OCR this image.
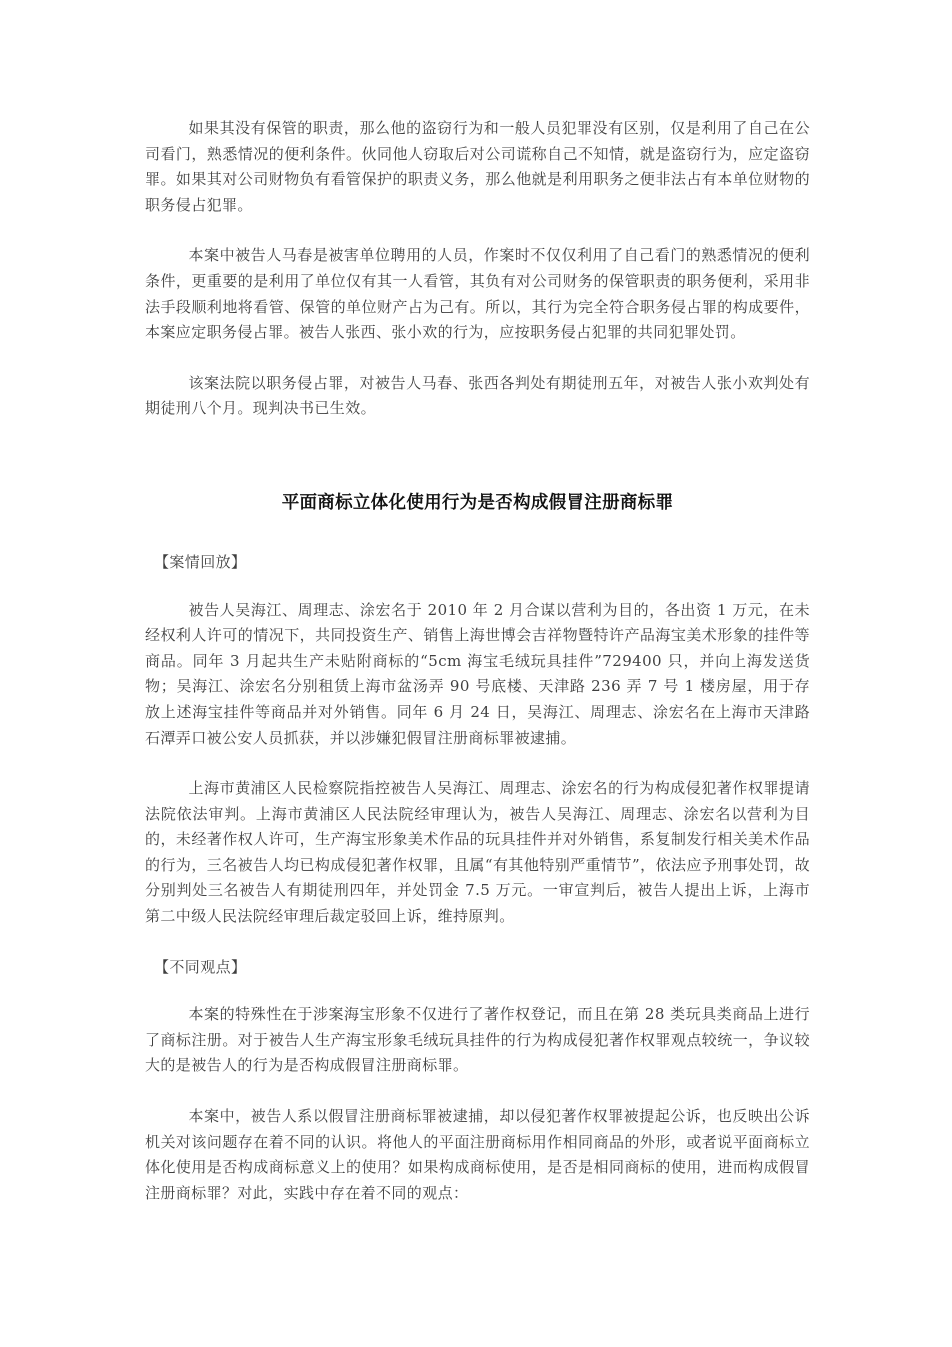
如果其没有保管的职责，那么他的盗窃行为和一般人员犯罪没有区别，仅是利用了自己在公司看门，熟悉情况的便利条件。伙同他人窃取后对公司谎称自己不知情，就是盗窃行为，应定盗窃罪。如果其对公司财物负有看管保护的职责义务，那么他就是利用职务之便非法占有本单位财物的职务侵占犯罪。

本案中被告人马春是被害单位聘用的人员，作案时不仅仅利用了自己看门的熟悉情况的便利条件，更重要的是利用了单位仅有其一人看管，其负有对公司财务的保管职责的职务便利，采用非法手段顺利地将看管、保管的单位财产占为己有。所以，其行为完全符合职务侵占罪的构成要件，本案应定职务侵占罪。被告人张西、张小欢的行为，应按职务侵占犯罪的共同犯罪处罚。

该案法院以职务侵占罪，对被告人马春、张西各判处有期徒刑五年，对被告人张小欢判处有期徒刑八个月。现判决书已生效。

平面商标立体化使用行为是否构成假冒注册商标罪

【案情回放】

被告人吴海江、周理志、涂宏名于 2010 年 2 月合谋以营利为目的，各出资 1 万元，在未经权利人许可的情况下，共同投资生产、销售上海世博会吉祥物暨特许产品海宝美术形象的挂件等商品。同年 3 月起共生产未贴附商标的“5cm 海宝毛绒玩具挂件”729400 只，并向上海发送货物；吴海江、涂宏名分别租赁上海市盆汤弄 90 号底楼、天津路 236 弄 7 号 1 楼房屋，用于存放上述海宝挂件等商品并对外销售。同年 6 月 24 日，吴海江、周理志、涂宏名在上海市天津路石潭弄口被公安人员抓获，并以涉嫌犯假冒注册商标罪被逮捕。

上海市黄浦区人民检察院指控被告人吴海江、周理志、涂宏名的行为构成侵犯著作权罪提请法院依法审判。上海市黄浦区人民法院经审理认为，被告人吴海江、周理志、涂宏名以营利为目的，未经著作权人许可，生产海宝形象美术作品的玩具挂件并对外销售，系复制发行相关美术作品的行为，三名被告人均已构成侵犯著作权罪，且属“有其他特别严重情节”，依法应予刑事处罚，故分别判处三名被告人有期徒刑四年，并处罚金 7.5 万元。一审宣判后，被告人提出上诉，上海市第二中级人民法院经审理后裁定驳回上诉，维持原判。

【不同观点】

本案的特殊性在于涉案海宝形象不仅进行了著作权登记，而且在第 28 类玩具类商品上进行了商标注册。对于被告人生产海宝形象毛绒玩具挂件的行为构成侵犯著作权罪观点较统一，争议较大的是被告人的行为是否构成假冒注册商标罪。

本案中，被告人系以假冒注册商标罪被逮捕，却以侵犯著作权罪被提起公诉，也反映出公诉机关对该问题存在着不同的认识。将他人的平面注册商标用作相同商品的外形，或者说平面商标立体化使用是否构成商标意义上的使用？如果构成商标使用，是否是相同商标的使用，进而构成假冒注册商标罪？对此，实践中存在着不同的观点：
